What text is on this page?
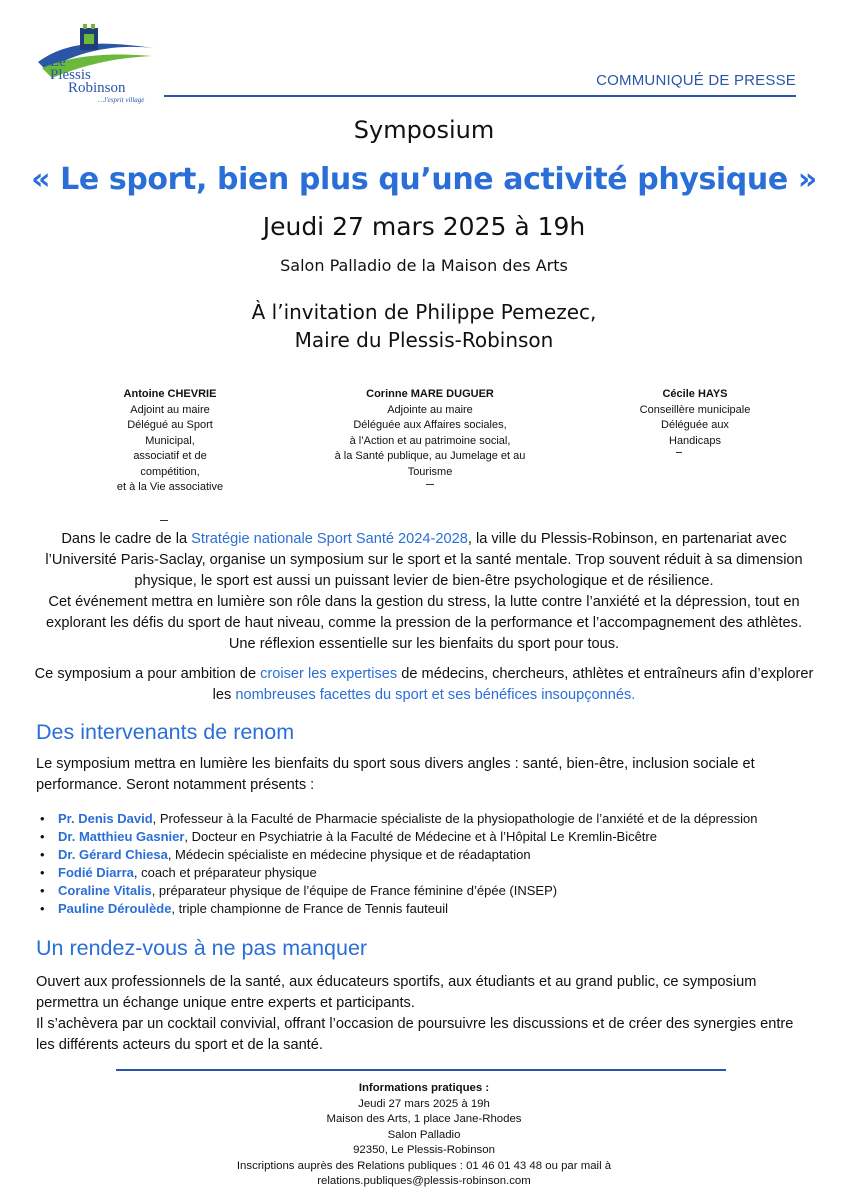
Le
Plessis
Robinson
…l'esprit village
COMMUNIQUÉ DE PRESSE
Symposium
« Le sport, bien plus qu’une activité physique »
Jeudi 27 mars 2025 à 19h
Salon Palladio de la Maison des Arts
À l’invitation de Philippe Pemezec,
Maire du Plessis-Robinson
Antoine CHEVRIE
Adjoint au maire
Délégué au Sport
Municipal,
associatif et de
compétition,
et à la Vie associative
Corinne MARE DUGUER
Adjointe au maire
Déléguée aux Affaires sociales,
à l’Action et au patrimoine social,
à la Santé publique, au Jumelage et au
Tourisme
Cécile HAYS
Conseillère municipale
Déléguée aux
Handicaps
Dans le cadre de la Stratégie nationale Sport Santé 2024-2028, la ville du Plessis-Robinson, en partenariat avec l’Université Paris-Saclay, organise un symposium sur le sport et la santé mentale. Trop souvent réduit à sa dimension physique, le sport est aussi un puissant levier de bien-être psychologique et de résilience.
Cet événement mettra en lumière son rôle dans la gestion du stress, la lutte contre l’anxiété et la dépression, tout en explorant les défis du sport de haut niveau, comme la pression de la performance et l’accompagnement des athlètes.
Une réflexion essentielle sur les bienfaits du sport pour tous.
Ce symposium a pour ambition de croiser les expertises de médecins, chercheurs, athlètes et entraîneurs afin d’explorer les nombreuses facettes du sport et ses bénéfices insoupçonnés.
Des intervenants de renom
Le symposium mettra en lumière les bienfaits du sport sous divers angles : santé, bien-être, inclusion sociale et performance. Seront notamment présents :
• Pr. Denis David, Professeur à la Faculté de Pharmacie spécialiste de la physiopathologie de l’anxiété et de la dépression
• Dr. Matthieu Gasnier, Docteur en Psychiatrie à la Faculté de Médecine et à l’Hôpital Le Kremlin-Bicêtre
• Dr. Gérard Chiesa, Médecin spécialiste en médecine physique et de réadaptation
• Fodié Diarra, coach et préparateur physique
• Coraline Vitalis, préparateur physique de l’équipe de France féminine d’épée (INSEP)
• Pauline Déroulède, triple championne de France de Tennis fauteuil
Un rendez-vous à ne pas manquer
Ouvert aux professionnels de la santé, aux éducateurs sportifs, aux étudiants et au grand public, ce symposium permettra un échange unique entre experts et participants.
Il s’achèvera par un cocktail convivial, offrant l’occasion de poursuivre les discussions et de créer des synergies entre les différents acteurs du sport et de la santé.
Informations pratiques :
Jeudi 27 mars 2025 à 19h
Maison des Arts, 1 place Jane-Rhodes
Salon Palladio
92350, Le Plessis-Robinson
Inscriptions auprès des Relations publiques : 01 46 01 43 48 ou par mail à
relations.publiques@plessis-robinson.com
